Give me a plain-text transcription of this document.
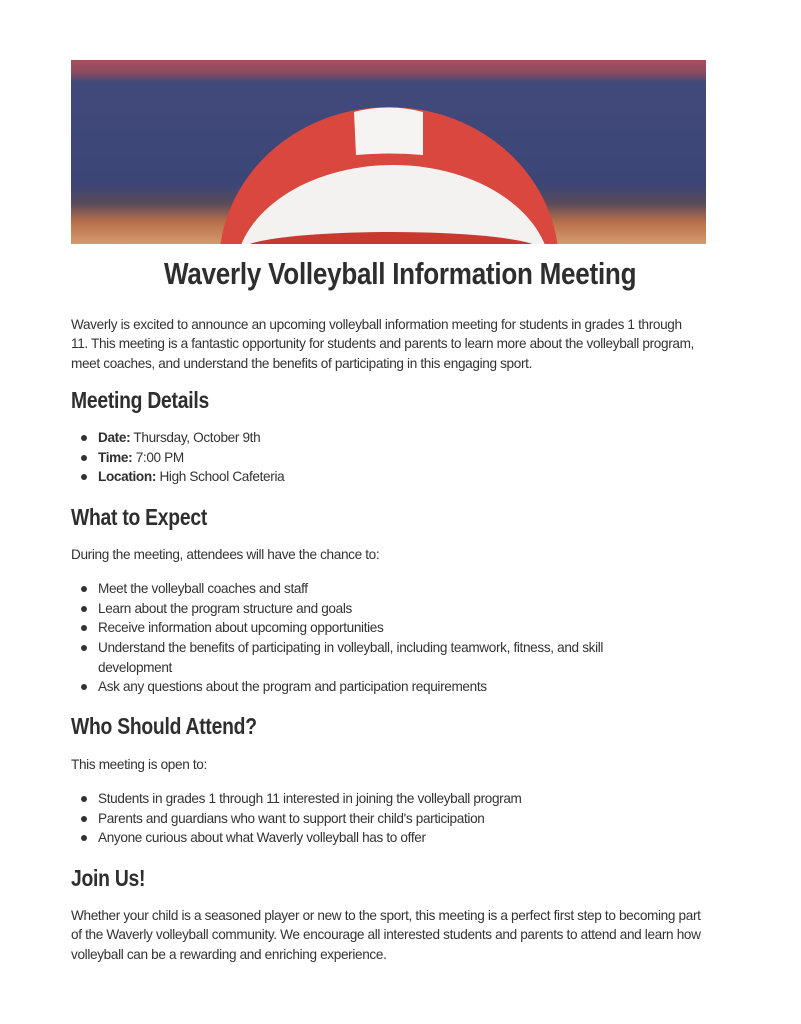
Waverly Volleyball Information Meeting

Waverly is excited to announce an upcoming volleyball information meeting for students in grades 1 through 11. This meeting is a fantastic opportunity for students and parents to learn more about the volleyball program, meet coaches, and understand the benefits of participating in this engaging sport.

Meeting Details
Date: Thursday, October 9th
Time: 7:00 PM
Location: High School Cafeteria
What to Expect

During the meeting, attendees will have the chance to:

Meet the volleyball coaches and staff
Learn about the program structure and goals
Receive information about upcoming opportunities
Understand the benefits of participating in volleyball, including teamwork, fitness, and skill development
Ask any questions about the program and participation requirements
Who Should Attend?

This meeting is open to:

Students in grades 1 through 11 interested in joining the volleyball program
Parents and guardians who want to support their child's participation
Anyone curious about what Waverly volleyball has to offer
Join Us!

Whether your child is a seasoned player or new to the sport, this meeting is a perfect first step to becoming part of the Waverly volleyball community. We encourage all interested students and parents to attend and learn how volleyball can be a rewarding and enriching experience.
